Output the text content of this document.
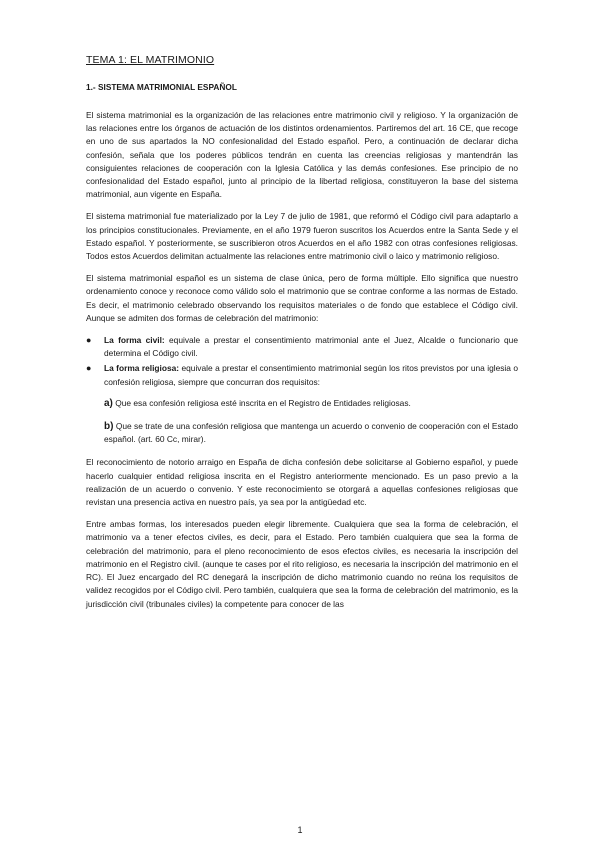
TEMA 1: EL MATRIMONIO
1.- SISTEMA MATRIMONIAL ESPAÑOL

El sistema matrimonial es la organización de las relaciones entre matrimonio civil y religioso. Y la organización de las relaciones entre los órganos de actuación de los distintos ordenamientos. Partiremos del art. 16 CE, que recoge en uno de sus apartados la NO confesionalidad del Estado español. Pero, a continuación de declarar dicha confesión, señala que los poderes públicos tendrán en cuenta las creencias religiosas y mantendrán las consiguientes relaciones de cooperación con la Iglesia Católica y las demás confesiones. Ese principio de no confesionalidad del Estado español, junto al principio de la libertad religiosa, constituyeron la base del sistema matrimonial, aun vigente en España.

El sistema matrimonial fue materializado por la Ley 7 de julio de 1981, que reformó el Código civil para adaptarlo a los principios constitucionales. Previamente, en el año 1979 fueron suscritos los Acuerdos entre la Santa Sede y el Estado español. Y posteriormente, se suscribieron otros Acuerdos en el año 1982 con otras confesiones religiosas. Todos estos Acuerdos delimitan actualmente las relaciones entre matrimonio civil o laico y matrimonio religioso.

El sistema matrimonial español es un sistema de clase única, pero de forma múltiple. Ello significa que nuestro ordenamiento conoce y reconoce como válido solo el matrimonio que se contrae conforme a las normas de Estado. Es decir, el matrimonio celebrado observando los requisitos materiales o de fondo que establece el Código civil. Aunque se admiten dos formas de celebración del matrimonio:

● La forma civil: equivale a prestar el consentimiento matrimonial ante el Juez, Alcalde o funcionario que determina el Código civil.
● La forma religiosa: equivale a prestar el consentimiento matrimonial según los ritos previstos por una iglesia o confesión religiosa, siempre que concurran dos requisitos:
a) Que esa confesión religiosa esté inscrita en el Registro de Entidades religiosas.
b) Que se trate de una confesión religiosa que mantenga un acuerdo o convenio de cooperación con el Estado español. (art. 60 Cc, mirar).

El reconocimiento de notorio arraigo en España de dicha confesión debe solicitarse al Gobierno español, y puede hacerlo cualquier entidad religiosa inscrita en el Registro anteriormente mencionado. Es un paso previo a la realización de un acuerdo o convenio. Y este reconocimiento se otorgará a aquellas confesiones religiosas que revistan una presencia activa en nuestro país, ya sea por la antigüedad etc.

Entre ambas formas, los interesados pueden elegir libremente. Cualquiera que sea la forma de celebración, el matrimonio va a tener efectos civiles, es decir, para el Estado. Pero también cualquiera que sea la forma de celebración del matrimonio, para el pleno reconocimiento de esos efectos civiles, es necesaria la inscripción del matrimonio en el Registro civil. (aunque te cases por el rito religioso, es necesaria la inscripción del matrimonio en el RC). El Juez encargado del RC denegará la inscripción de dicho matrimonio cuando no reúna los requisitos de validez recogidos por el Código civil. Pero también, cualquiera que sea la forma de celebración del matrimonio, es la jurisdicción civil (tribunales civiles) la competente para conocer de las

1
